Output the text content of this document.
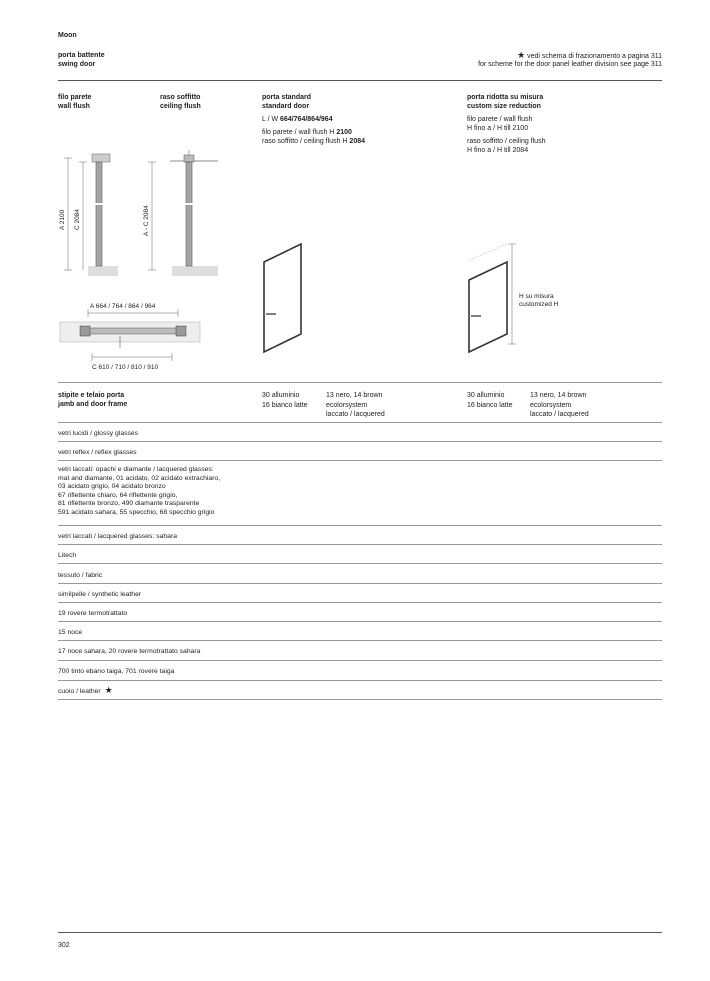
Moon
porta battente
swing door
★ vedi schema di frazionamento a pagina 311
for scheme for the door panel leather division see page 311
filo parete
wall flush
raso soffitto
ceiling flush
porta standard
standard door
L / W 664/764/864/964
filo parete / wall flush H 2100
raso soffitto / ceiling flush H 2084
porta ridotta su misura
custom size reduction
filo parete / wall flush
H fino a / H till 2100
raso soffitto / ceiling flush
H fino a / H till 2084
A 2100 C 2084	A - C 2084
A 664 / 764 / 864 / 964
C 610 / 710 / 810 / 910
H su misura
customized H
stipite e telaio porta
jamb and door frame
30 alluminio
16 bianco latte
13 nero, 14 brown
ecolorsystem
laccato / lacquered
30 alluminio
16 bianco latte
13 nero, 14 brown
ecolorsystem
laccato / lacquered
vetri lucidi / glossy glasses
vetri reflex / reflex glasses
vetri laccati: opachi e diamante / lacquered glasses:
mat and diamante, 01 acidato, 02 acidato extrachiaro,
03 acidato grigio, 04 acidato bronzo
67 riflettente chiaro, 64 riflettente grigio,
81 riflettente bronzo, 490 diamante trasparente
591 acidato sahara, 55 specchio, 68 specchio grigio
vetri laccati / lacquered glasses: sahara
Litech
tessuto / fabric
similpelle / synthetic leather
19 rovere termotrattato
15 noce
17 noce sahara, 20 rovere termotrattato sahara
700 tinto ebano taiga, 701 rovere taiga
cuoio / leather ★
302
